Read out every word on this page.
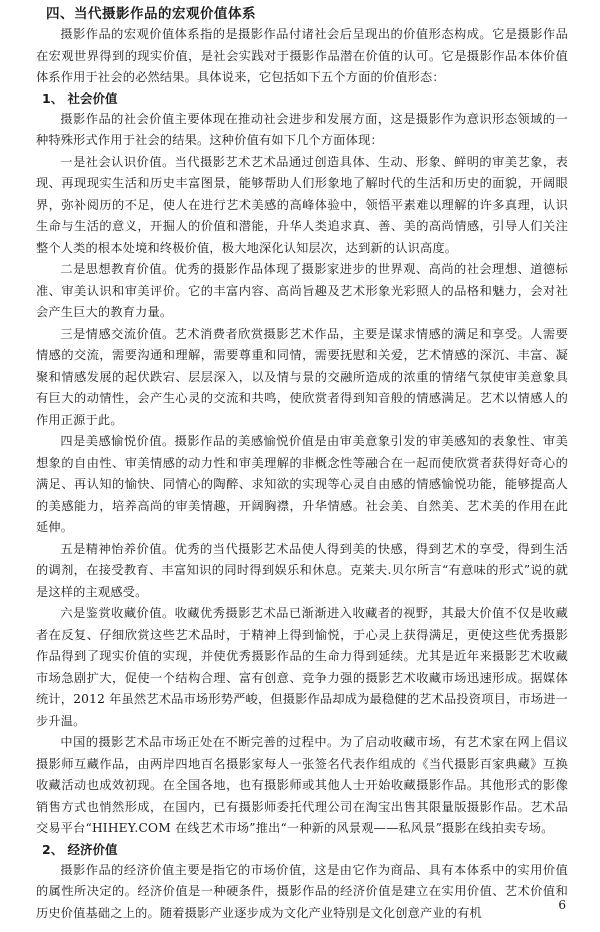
四、当代摄影作品的宏观价值体系

摄影作品的宏观价值体系指的是摄影作品付诸社会后呈现出的价值形态构成。它是摄影作品在宏观世界得到的现实价值，是社会实践对于摄影作品潜在价值的认可。它是摄影作品本体价值体系作用于社会的必然结果。具体说来，它包括如下五个方面的价值形态：

1、 社会价值

摄影作品的社会价值主要体现在推动社会进步和发展方面，这是摄影作为意识形态领域的一种特殊形式作用于社会的结果。这种价值有如下几个方面体现：

一是社会认识价值。当代摄影艺术艺术品通过创造具体、生动、形象、鲜明的审美艺象，表现、再现现实生活和历史丰富图景，能够帮助人们形象地了解时代的生活和历史的面貌，开阔眼界，弥补阅历的不足，使人在进行艺术美感的高峰体验中，领悟平素难以理解的许多真理，认识生命与生活的意义，开掘人的价值和潜能，升华人类追求真、善、美的高尚情感，引导人们关注整个人类的根本处境和终极价值，极大地深化认知层次，达到新的认识高度。

二是思想教育价值。优秀的摄影作品体现了摄影家进步的世界观、高尚的社会理想、道德标准、审美认识和审美评价。它的丰富内容、高尚旨趣及艺术形象光彩照人的品格和魅力，会对社会产生巨大的教育力量。

三是情感交流价值。艺术消费者欣赏摄影艺术作品，主要是谋求情感的满足和享受。人需要情感的交流，需要沟通和理解，需要尊重和同情，需要抚慰和关爱，艺术情感的深沉、丰富、凝聚和情感发展的起伏跌宕、层层深入，以及情与景的交融所造成的浓重的情绪气氛使审美意象具有巨大的动情性，会产生心灵的交流和共鸣，使欣赏者得到知音般的情感满足。艺术以情感人的作用正源于此。

四是美感愉悦价值。摄影作品的美感愉悦价值是由审美意象引发的审美感知的表象性、审美想象的自由性、审美情感的动力性和审美理解的非概念性等融合在一起而使欣赏者获得好奇心的满足、再认知的愉快、同情心的陶醉、求知欲的实现等心灵自由感的情感愉悦功能，能够提高人的美感能力，培养高尚的审美情趣，开阔胸襟，升华情感。社会美、自然美、艺术美的作用在此延伸。

五是精神怡养价值。优秀的当代摄影艺术品使人得到美的快感，得到艺术的享受，得到生活的调剂，在接受教育、丰富知识的同时得到娱乐和休息。克莱夫.贝尔所言“有意味的形式”说的就是这样的主观感受。

六是鉴赏收藏价值。收藏优秀摄影艺术品已渐渐进入收藏者的视野，其最大价值不仅是收藏者在反复、仔细欣赏这些艺术品时，于精神上得到愉悦，于心灵上获得满足，更使这些优秀摄影作品得到了现实价值的实现，并使优秀摄影作品的生命力得到延续。尤其是近年来摄影艺术收藏市场急剧扩大，促使一个结构合理、富有创意、竞争力强的摄影艺术收藏市场迅速形成。据媒体统计，2012 年虽然艺术品市场形势严峻，但摄影作品却成为最稳健的艺术品投资项目，市场进一步升温。

中国的摄影艺术品市场正处在不断完善的过程中。为了启动收藏市场，有艺术家在网上倡议摄影师互藏作品，由两岸四地百名摄影家每人一张签名代表作组成的《当代摄影百家典藏》互换收藏活动也成效初现。在全国各地，也有摄影师或其他人士开始收藏摄影作品。其他形式的影像销售方式也悄然形成，在国内，已有摄影师委托代理公司在淘宝出售其限量版摄影作品。艺术品交易平台“HIHEY.COM 在线艺术市场”推出“一种新的风景观——私风景”摄影在线拍卖专场。

2、 经济价值

摄影作品的经济价值主要是指它的市场价值，这是由它作为商品、具有本体系中的实用价值的属性所决定的。经济价值是一种硬条件，摄影作品的经济价值是建立在实用价值、艺术价值和历史价值基础之上的。随着摄影产业逐步成为文化产业特别是文化创意产业的有机

6
